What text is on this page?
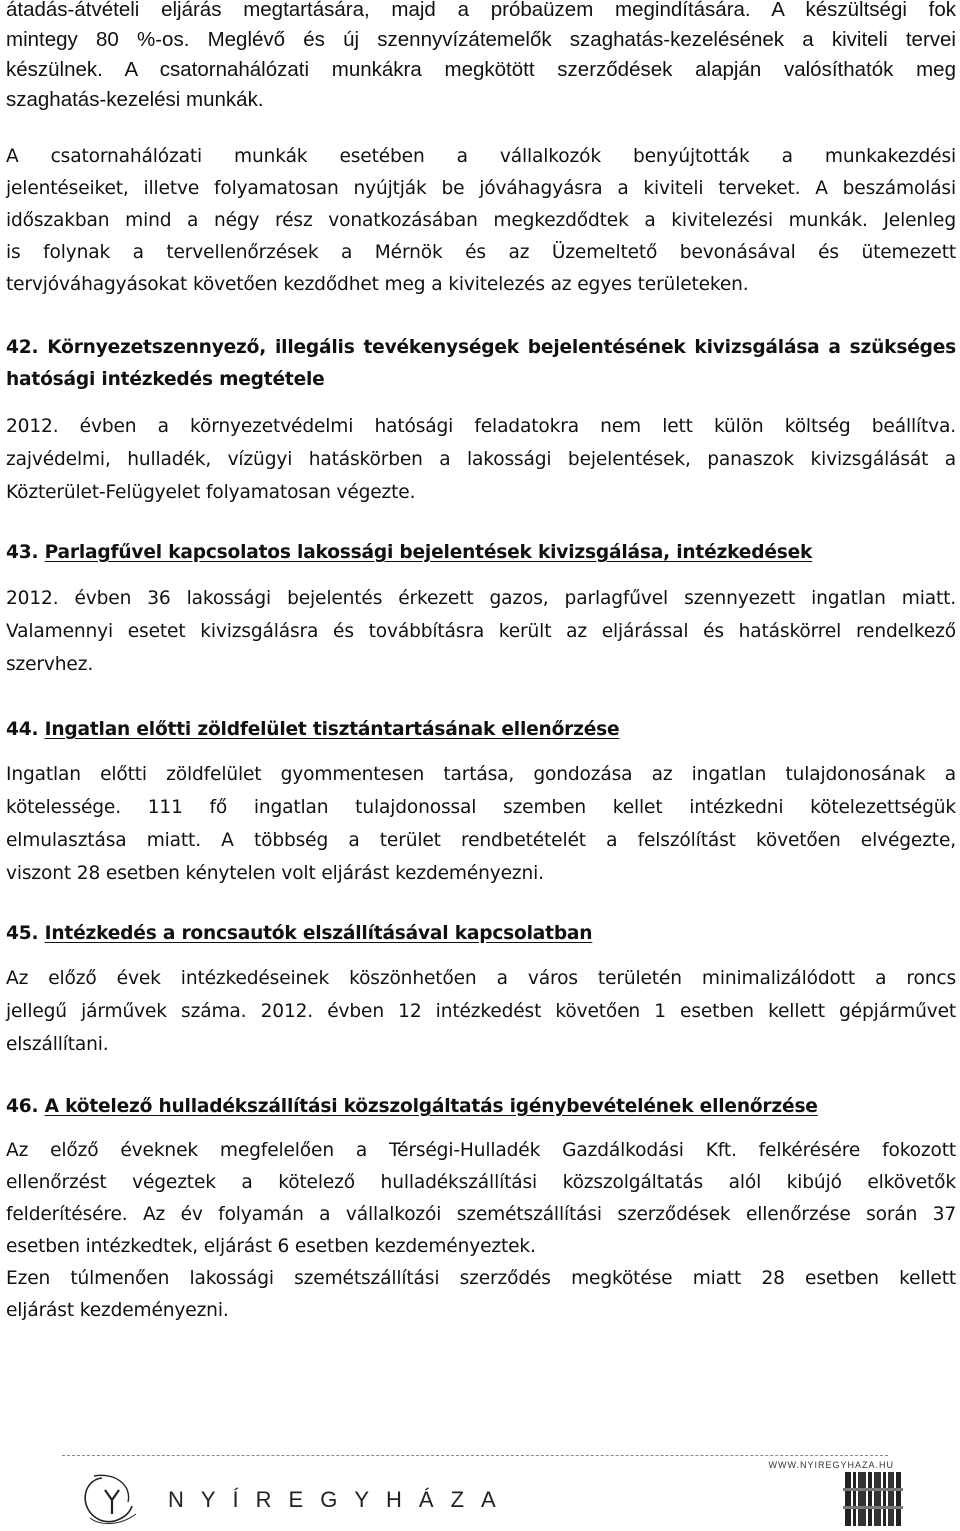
átadás-átvételi eljárás megtartására, majd a próbaüzem megindítására. A készültségi fok
mintegy 80 %-os. Meglévő és új szennyvízátemelők szaghatás-kezelésének a kiviteli tervei
készülnek. A csatornahálózati munkákra megkötött szerződések alapján valósíthatók meg
szaghatás-kezelési munkák.
A csatornahálózati munkák esetében a vállalkozók benyújtották a munkakezdési
jelentéseiket, illetve folyamatosan nyújtják be jóváhagyásra a kiviteli terveket. A beszámolási
időszakban mind a négy rész vonatkozásában megkezdődtek a kivitelezési munkák. Jelenleg
is folynak a tervellenőrzések a Mérnök és az Üzemeltető bevonásával és ütemezett
tervjóváhagyásokat követően kezdődhet meg a kivitelezés az egyes területeken.
42. Környezetszennyező, illegális tevékenységek bejelentésének kivizsgálása a szükséges
hatósági intézkedés megtétele
2012. évben a környezetvédelmi hatósági feladatokra nem lett külön költség beállítva.
zajvédelmi, hulladék, vízügyi hatáskörben a lakossági bejelentések, panaszok kivizsgálását a
Közterület-Felügyelet folyamatosan végezte.
43. Parlagfűvel kapcsolatos lakossági bejelentések kivizsgálása, intézkedések
2012. évben 36 lakossági bejelentés érkezett gazos, parlagfűvel szennyezett ingatlan miatt.
Valamennyi esetet kivizsgálásra és továbbításra került az eljárással és hatáskörrel rendelkező
szervhez.
44. Ingatlan előtti zöldfelület tisztántartásának ellenőrzése
Ingatlan előtti zöldfelület gyommentesen tartása, gondozása az ingatlan tulajdonosának a
kötelessége. 111 fő ingatlan tulajdonossal szemben kellet intézkedni kötelezettségük
elmulasztása miatt. A többség a terület rendbetételét a felszólítást követően elvégezte,
viszont 28 esetben kénytelen volt eljárást kezdeményezni.
45. Intézkedés a roncsautók elszállításával kapcsolatban
Az előző évek intézkedéseinek köszönhetően a város területén minimalizálódott a roncs
jellegű járművek száma. 2012. évben 12 intézkedést követően 1 esetben kellett gépjárművet
elszállítani.
46. A kötelező hulladékszállítási közszolgáltatás igénybevételének ellenőrzése
Az előző éveknek megfelelően a Térségi-Hulladék Gazdálkodási Kft. felkérésére fokozott
ellenőrzést végeztek a kötelező hulladékszállítási közszolgáltatás alól kibújó elkövetők
felderítésére. Az év folyamán a vállalkozói szemétszállítási szerződések ellenőrzése során 37
esetben intézkedtek, eljárást 6 esetben kezdeményeztek.
Ezen túlmenően lakossági szemétszállítási szerződés megkötése miatt 28 esetben kellett
eljárást kezdeményezni.
WWW.NYIREGYHAZA.HU
NYÍREGYHÁZA
